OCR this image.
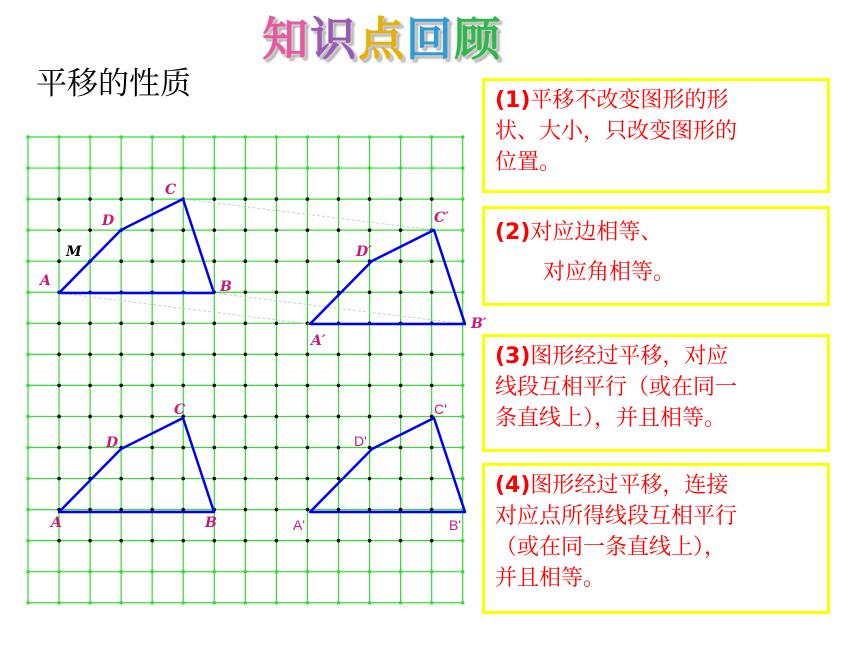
知识点回顾
平移的性质
A	B
C
D
M
A′
B′
C′
D′
A	B
C
D
A'	B'
C'
D'
(1)平移不改变图形的形
状、大小，只改变图形的
位置。
(2)对应边相等、
对应角相等。
(3)图形经过平移，对应
线段互相平行（或在同一
条直线上），并且相等。
(4)图形经过平移，连接
对应点所得线段互相平行
（或在同一条直线上），
并且相等。
